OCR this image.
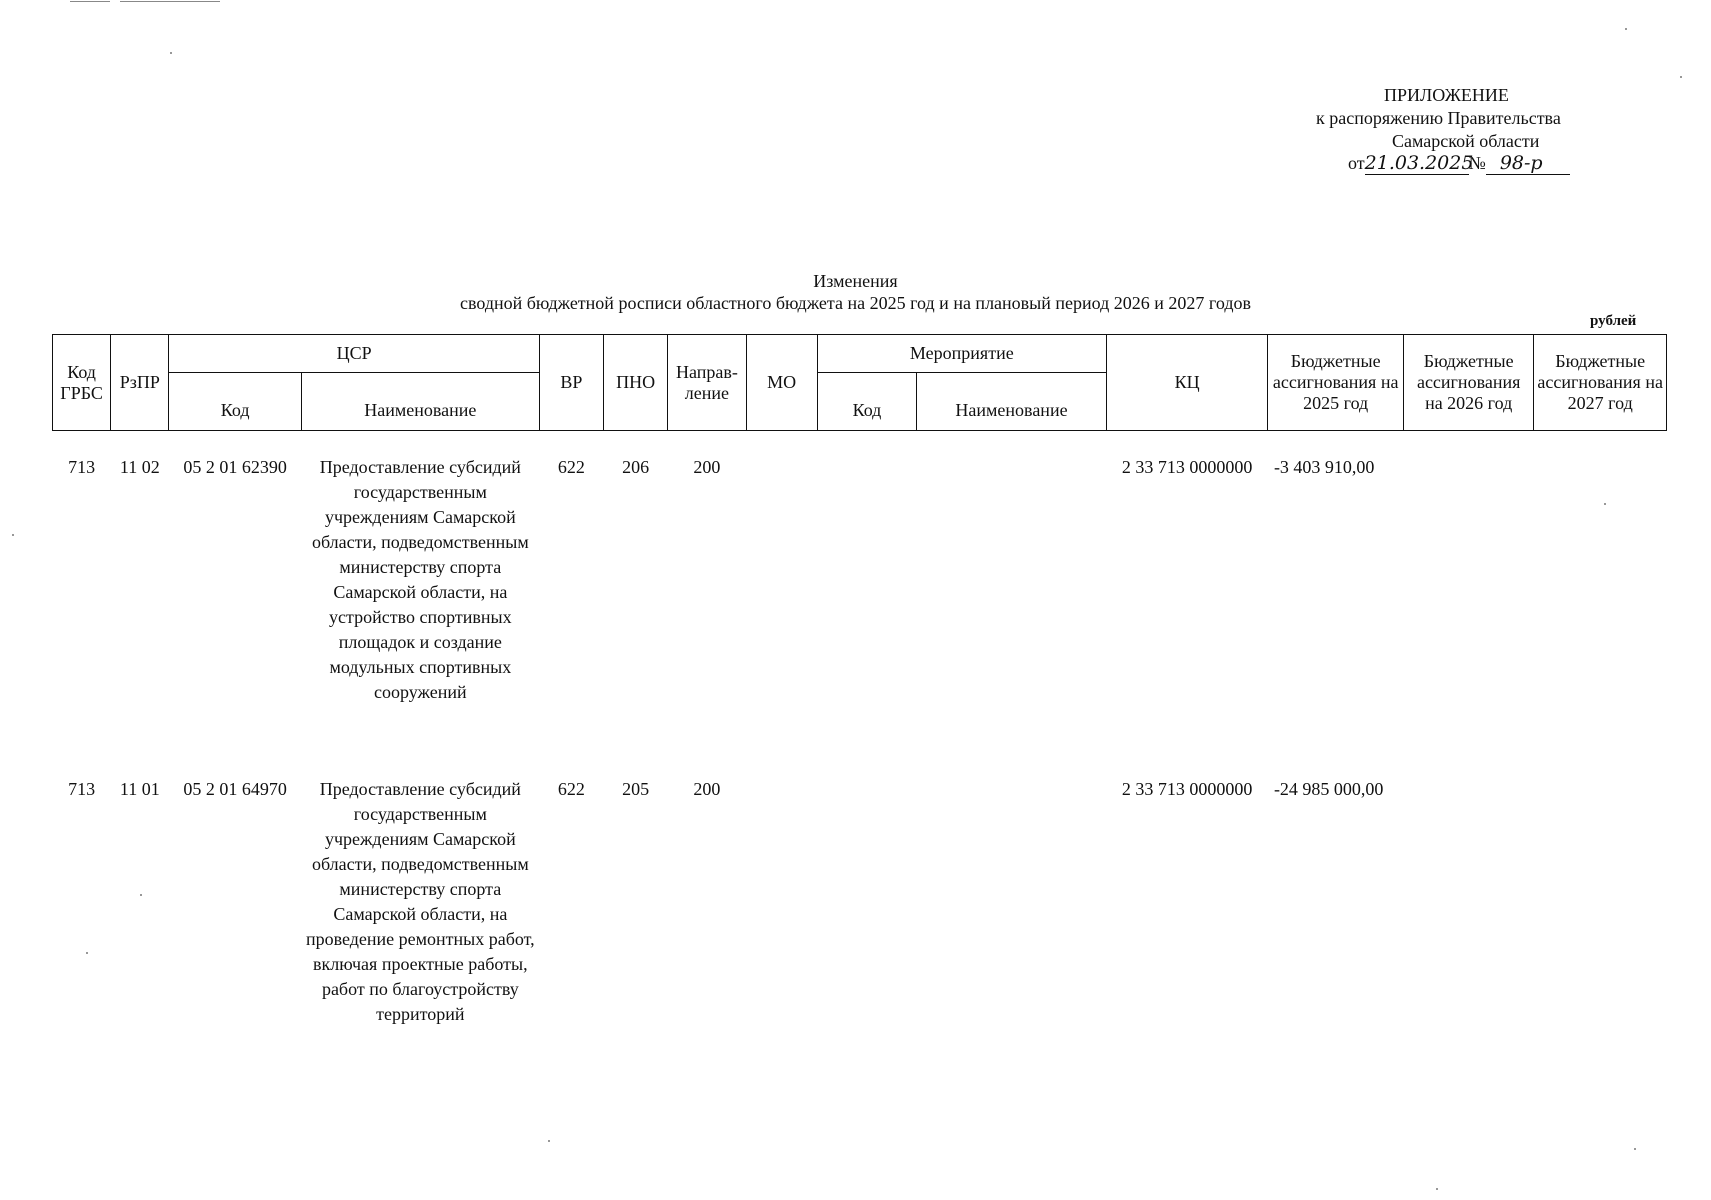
ПРИЛОЖЕНИЕ
к распоряжению Правительства
Самарской области
от21.03.2025№ 98-р
Изменения
сводной бюджетной росписи областного бюджета на 2025 год и на плановый период 2026 и 2027 годов
рублей
Код ГРБС	РзПР	ЦСР		ВР	ПНО	Направ-ление	МО	Мероприятие		КЦ	Бюджетные ассигнования на 2025 год	Бюджетные ассигнования на 2026 год	Бюджетные ассигнования на 2027 год
		Код	Наименование					Код	Наименование				
713	11 02	05 2 01 62390	Предоставление субсидий государственным учреждениям Самарской области, подведомственным министерству спорта Самарской области, на устройство спортивных площадок и создание модульных спортивных сооружений	622	206	200				2 33 713 0000000	-3 403 910,00		
713	11 01	05 2 01 64970	Предоставление субсидий государственным учреждениям Самарской области, подведомственным министерству спорта Самарской области, на проведение ремонтных работ, включая проектные работы, работ по благоустройству территорий	622	205	200				2 33 713 0000000	-24 985 000,00		
